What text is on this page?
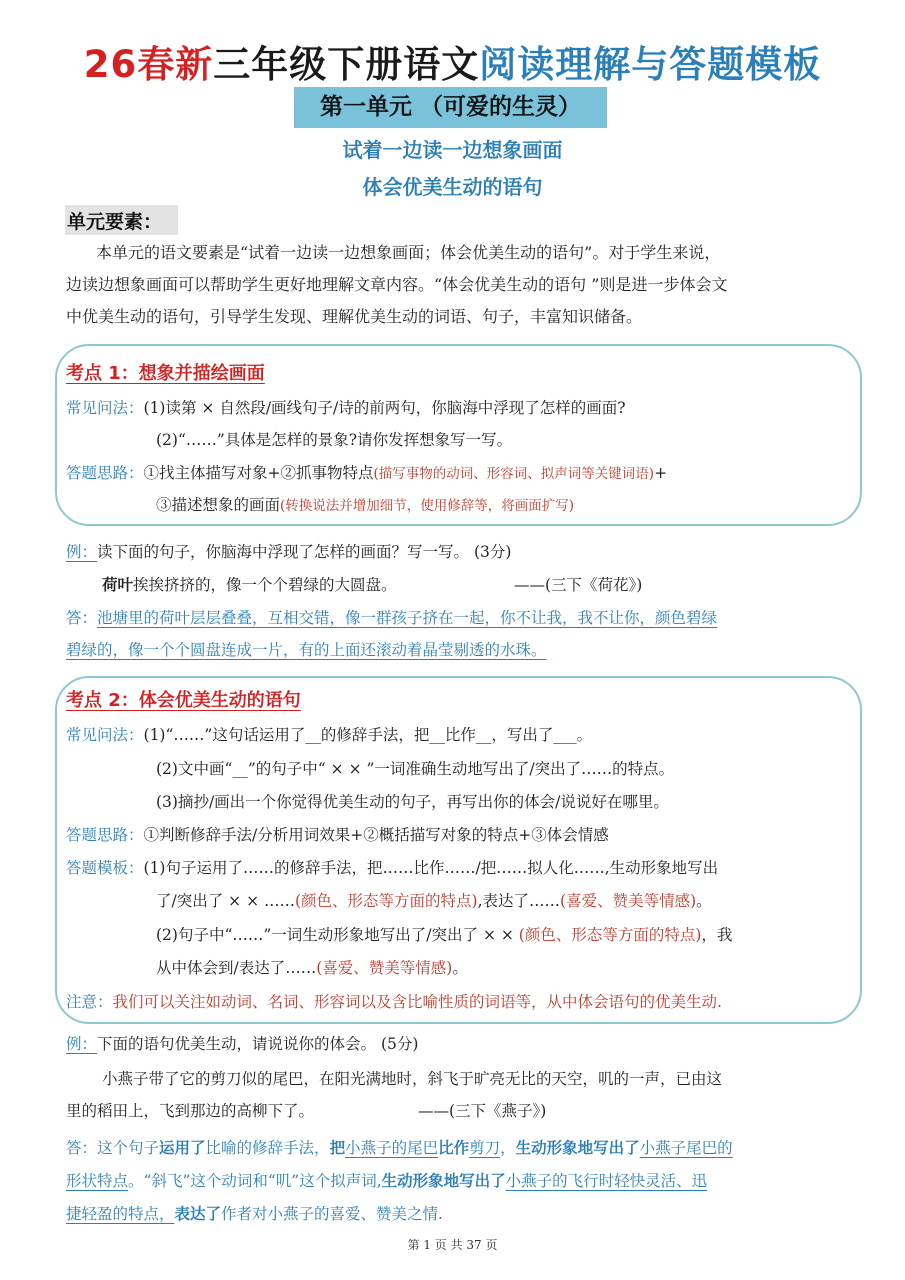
26春新三年级下册语文阅读理解与答题模板
第一单元 （可爱的生灵）
试着一边读一边想象画面
体会优美生动的语句
单元要素：
本单元的语文要素是“试着一边读一边想象画面；体会优美生动的语句”。对于学生来说，
边读边想象画面可以帮助学生更好地理解文章内容。“体会优美生动的语句 ”则是进一步体会文
中优美生动的语句，引导学生发现、理解优美生动的词语、句子，丰富知识储备。
考点 1：想象并描绘画面
常见问法：(1)读第 × 自然段/画线句子/诗的前两句，你脑海中浮现了怎样的画面?
(2)“……”具体是怎样的景象?请你发挥想象写一写。
答题思路：①找主体描写对象+②抓事物特点(描写事物的动词、形容词、拟声词等关键词语)+
③描述想象的画面(转换说法并增加细节，使用修辞等，将画面扩写)
例：读下面的句子，你脑海中浮现了怎样的画面？写一写。 (3分)
荷叶挨挨挤挤的，像一个个碧绿的大圆盘。	——(三下《荷花》)
答：池塘里的荷叶层层叠叠，互相交错，像一群孩子挤在一起，你不让我，我不让你，颜色碧绿
碧绿的，像一个个圆盘连成一片，有的上面还滚动着晶莹剔透的水珠。
考点 2：体会优美生动的语句
常见问法：(1)“……”这句话运用了__的修辞手法，把__比作__，写出了___。
(2)文中画“__”的句子中“ × × ”一词准确生动地写出了/突出了……的特点。
(3)摘抄/画出一个你觉得优美生动的句子，再写出你的体会/说说好在哪里。
答题思路：①判断修辞手法/分析用词效果+②概括描写对象的特点+③体会情感
答题模板：(1)句子运用了……的修辞手法，把……比作……/把……拟人化……,生动形象地写出
了/突出了 × × ……(颜色、形态等方面的特点),表达了……(喜爱、赞美等情感)。
(2)句子中“……”一词生动形象地写出了/突出了 × × (颜色、形态等方面的特点)，我
从中体会到/表达了……(喜爱、赞美等情感)。
注意：我们可以关注如动词、名词、形容词以及含比喻性质的词语等，从中体会语句的优美生动.
例：下面的语句优美生动，请说说你的体会。 (5分)
小燕子带了它的剪刀似的尾巴，在阳光满地时，斜飞于旷亮无比的天空，叽的一声，已由这
里的稻田上，飞到那边的高柳下了。	——(三下《燕子》)
答：这个句子运用了比喻的修辞手法，把小燕子的尾巴比作剪刀，生动形象地写出了小燕子尾巴的
形状特点。“斜飞”这个动词和“叽”这个拟声词,生动形象地写出了小燕子的飞行时轻快灵活、迅
捷轻盈的特点，表达了作者对小燕子的喜爱、赞美之情.
第 1 页 共 37 页
